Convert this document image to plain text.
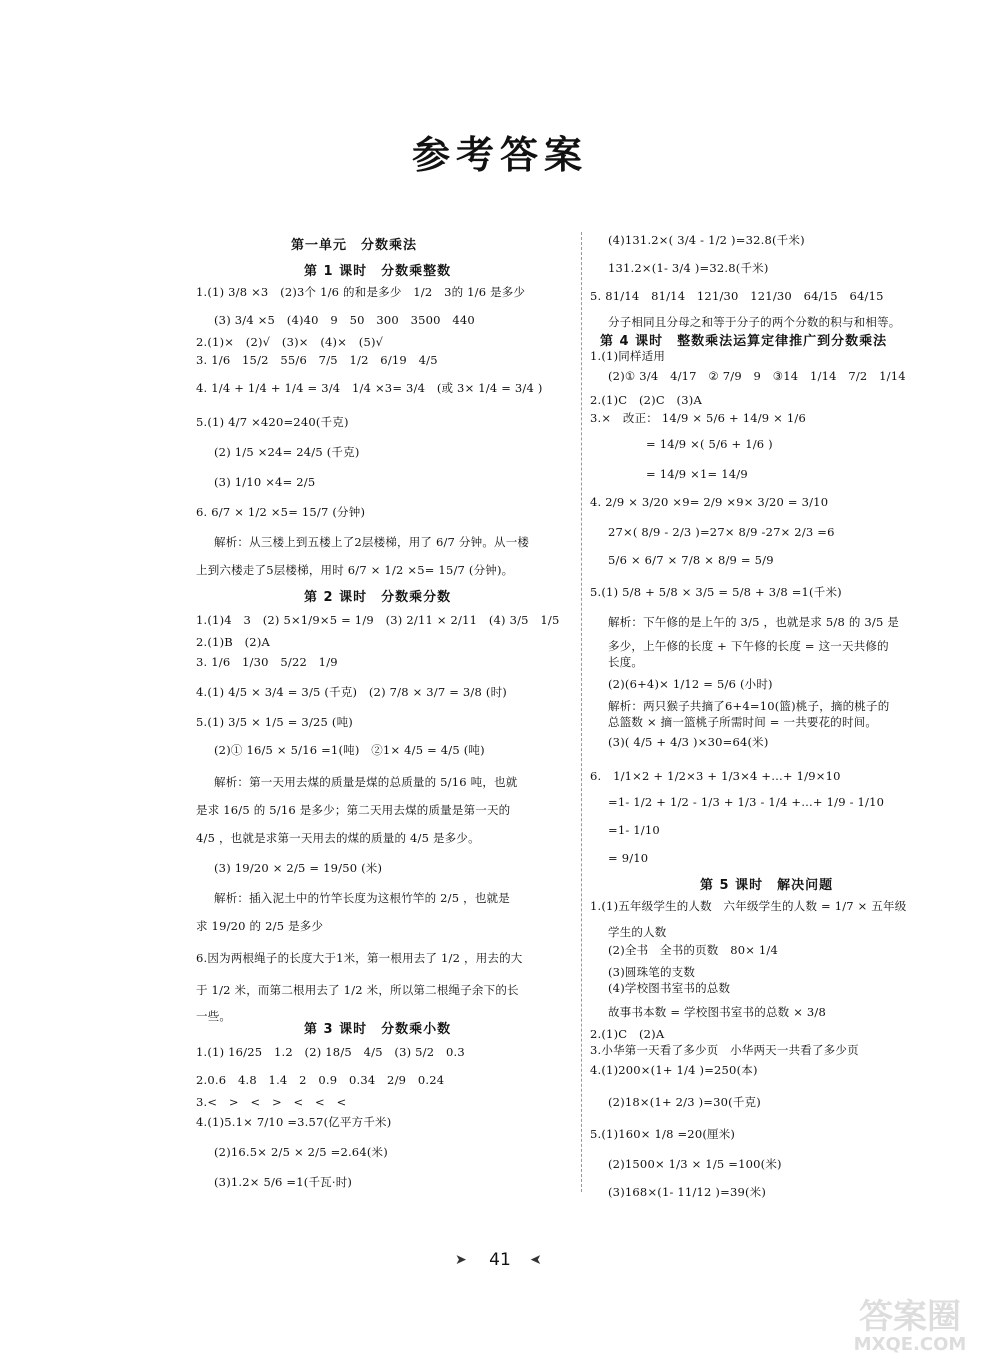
参考答案
第一单元　分数乘法
第 1 课时　分数乘整数
1.(1) 3/8 ×3　(2)3个 1/6 的和是多少　1/2　3的 1/6 是多少
(3) 3/4 ×5　(4)40　9　50　300　3500　440
2.(1)×　(2)√　(3)×　(4)×　(5)√
3. 1/6　15/2　55/6　7/5　1/2　6/19　4/5
4. 1/4 + 1/4 + 1/4 = 3/4　1/4 ×3= 3/4　(或 3× 1/4 = 3/4 )
5.(1) 4/7 ×420=240(千克)
(2) 1/5 ×24= 24/5 (千克)
(3) 1/10 ×4= 2/5
6. 6/7 × 1/2 ×5= 15/7 (分钟)
解析：从三楼上到五楼上了2层楼梯，用了 6/7 分钟。从一楼
上到六楼走了5层楼梯，用时 6/7 × 1/2 ×5= 15/7 (分钟)。
第 2 课时　分数乘分数
1.(1)4　3　(2) 5×1/9×5 = 1/9　(3) 2/11 × 2/11　(4) 3/5　1/5
2.(1)B　(2)A
3. 1/6　1/30　5/22　1/9
4.(1) 4/5 × 3/4 = 3/5 (千克)　(2) 7/8 × 3/7 = 3/8 (时)
5.(1) 3/5 × 1/5 = 3/25 (吨)
(2)① 16/5 × 5/16 =1(吨)　②1× 4/5 = 4/5 (吨)
解析：第一天用去煤的质量是煤的总质量的 5/16 吨，也就
是求 16/5 的 5/16 是多少；第二天用去煤的质量是第一天的
4/5 ，也就是求第一天用去的煤的质量的 4/5 是多少。
(3) 19/20 × 2/5 = 19/50 (米)
解析：插入泥土中的竹竿长度为这根竹竿的 2/5 ，也就是
求 19/20 的 2/5 是多少
6.因为两根绳子的长度大于1米，第一根用去了 1/2 ，用去的大
于 1/2 米，而第二根用去了 1/2 米，所以第二根绳子余下的长
一些。
第 3 课时　分数乘小数
1.(1) 16/25　1.2　(2) 18/5　4/5　(3) 5/2　0.3
2.0.6　4.8　1.4　2　0.9　0.34　2/9　0.24
3.<　>　<　>　<　<　<
4.(1)5.1× 7/10 =3.57(亿平方千米)
(2)16.5× 2/5 × 2/5 =2.64(米)
(3)1.2× 5/6 =1(千瓦·时)
(4)131.2×( 3/4 - 1/2 )=32.8(千米)
131.2×(1- 3/4 )=32.8(千米)
5. 81/14　81/14　121/30　121/30　64/15　64/15
分子相同且分母之和等于分子的两个分数的积与和相等。
第 4 课时　整数乘法运算定律推广到分数乘法
1.(1)同样适用
(2)① 3/4　4/17　② 7/9　9　③14　1/14　7/2　1/14
2.(1)C　(2)C　(3)A
3.×　改正： 14/9 × 5/6 + 14/9 × 1/6
= 14/9 ×( 5/6 + 1/6 )
= 14/9 ×1= 14/9
4. 2/9 × 3/20 ×9= 2/9 ×9× 3/20 = 3/10
27×( 8/9 - 2/3 )=27× 8/9 -27× 2/3 =6
5/6 × 6/7 × 7/8 × 8/9 = 5/9
5.(1) 5/8 + 5/8 × 3/5 = 5/8 + 3/8 =1(千米)
解析：下午修的是上午的 3/5 ，也就是求 5/8 的 3/5 是
多少，上午修的长度 + 下午修的长度 = 这一天共修的
长度。
(2)(6+4)× 1/12 = 5/6 (小时)
解析：两只猴子共摘了6+4=10(篮)桃子，摘的桃子的
总篮数 × 摘一篮桃子所需时间 = 一共要花的时间。
(3)( 4/5 + 4/3 )×30=64(米)
6.　1/1×2 + 1/2×3 + 1/3×4 +…+ 1/9×10
=1- 1/2 + 1/2 - 1/3 + 1/3 - 1/4 +…+ 1/9 - 1/10
=1- 1/10
= 9/10
第 5 课时　解决问题
1.(1)五年级学生的人数　六年级学生的人数 = 1/7 × 五年级
学生的人数
(2)全书　全书的页数　80× 1/4
(3)圆珠笔的支数
(4)学校图书室书的总数
故事书本数 = 学校图书室书的总数 × 3/8
2.(1)C　(2)A
3.小华第一天看了多少页　小华两天一共看了多少页
4.(1)200×(1+ 1/4 )=250(本)
(2)18×(1+ 2/3 )=30(千克)
5.(1)160× 1/8 =20(厘米)
(2)1500× 1/3 × 1/5 =100(米)
(3)168×(1- 11/12 )=39(米)
➤	41	➤
答案圈
MXQE.COM
